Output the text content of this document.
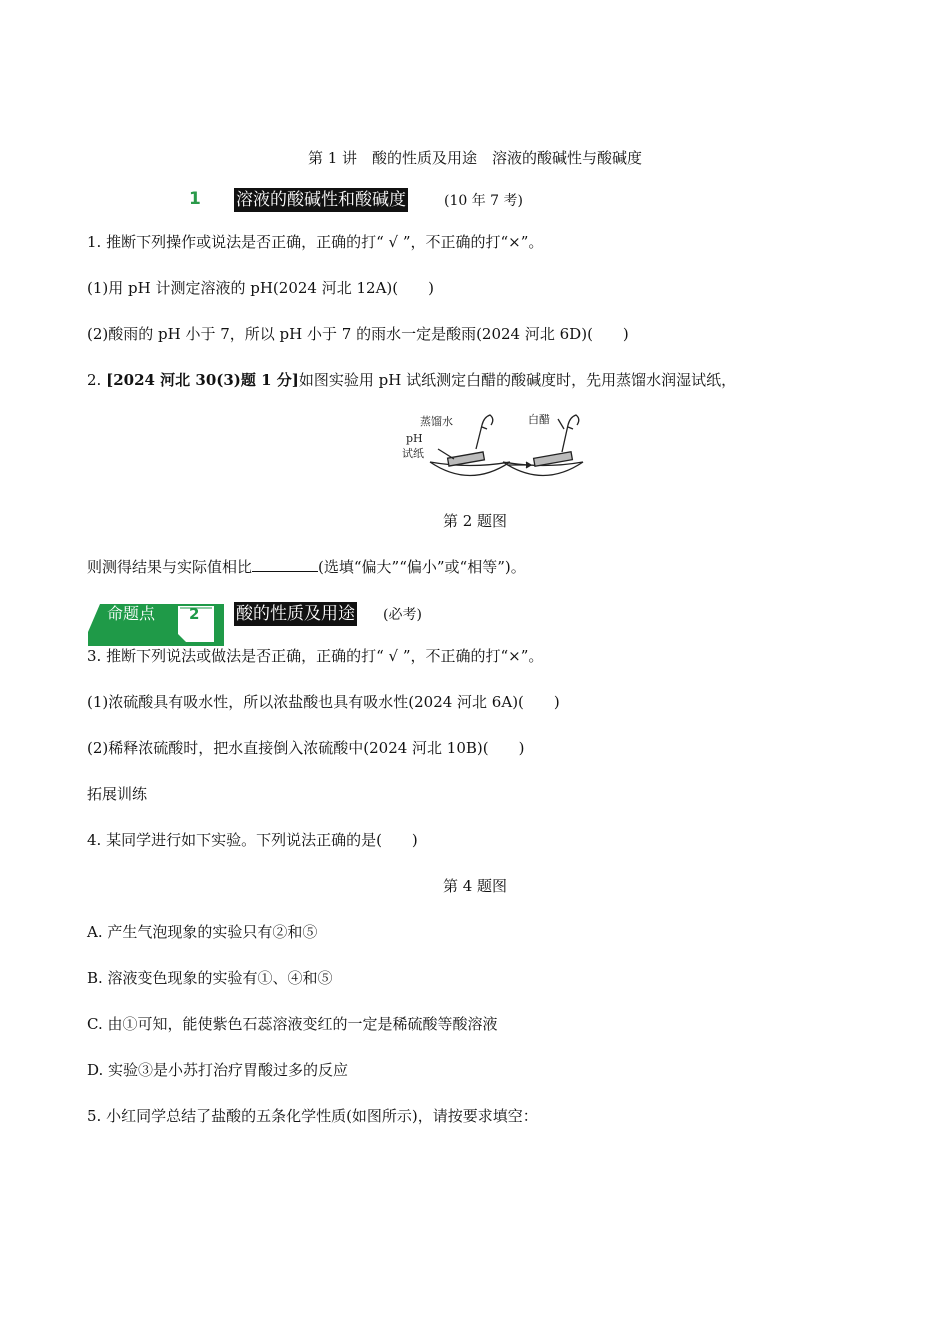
第 1 讲　酸的性质及用途　溶液的酸碱性与酸碱度
1 溶液的酸碱性和酸碱度	(10 年 7 考)
1. 推断下列操作或说法是否正确，正确的打“ √ ”，不正确的打“×”。
(1)用 pH 计测定溶液的 pH(2024 河北 12A)(　　)
(2)酸雨的 pH 小于 7，所以 pH 小于 7 的雨水一定是酸雨(2024 河北 6D)(　　)
2. [2024 河北 30(3)题 1 分]如图实验用 pH 试纸测定白醋的酸碱度时，先用蒸馏水润湿试纸，
蒸馏水
pH
试纸
白醋
第 2 题图
则测得结果与实际值相比	(选填“偏大”“偏小”或“相等”)。
命题点 2 酸的性质及用途 (必考)
3. 推断下列说法或做法是否正确，正确的打“ √ ”，不正确的打“×”。
(1)浓硫酸具有吸水性，所以浓盐酸也具有吸水性(2024 河北 6A)(　　)
(2)稀释浓硫酸时，把水直接倒入浓硫酸中(2024 河北 10B)(　　)
拓展训练
4. 某同学进行如下实验。下列说法正确的是(　　)
第 4 题图
A. 产生气泡现象的实验只有②和⑤
B. 溶液变色现象的实验有①、④和⑤
C. 由①可知，能使紫色石蕊溶液变红的一定是稀硫酸等酸溶液
D. 实验③是小苏打治疗胃酸过多的反应
5. 小红同学总结了盐酸的五条化学性质(如图所示)，请按要求填空：
